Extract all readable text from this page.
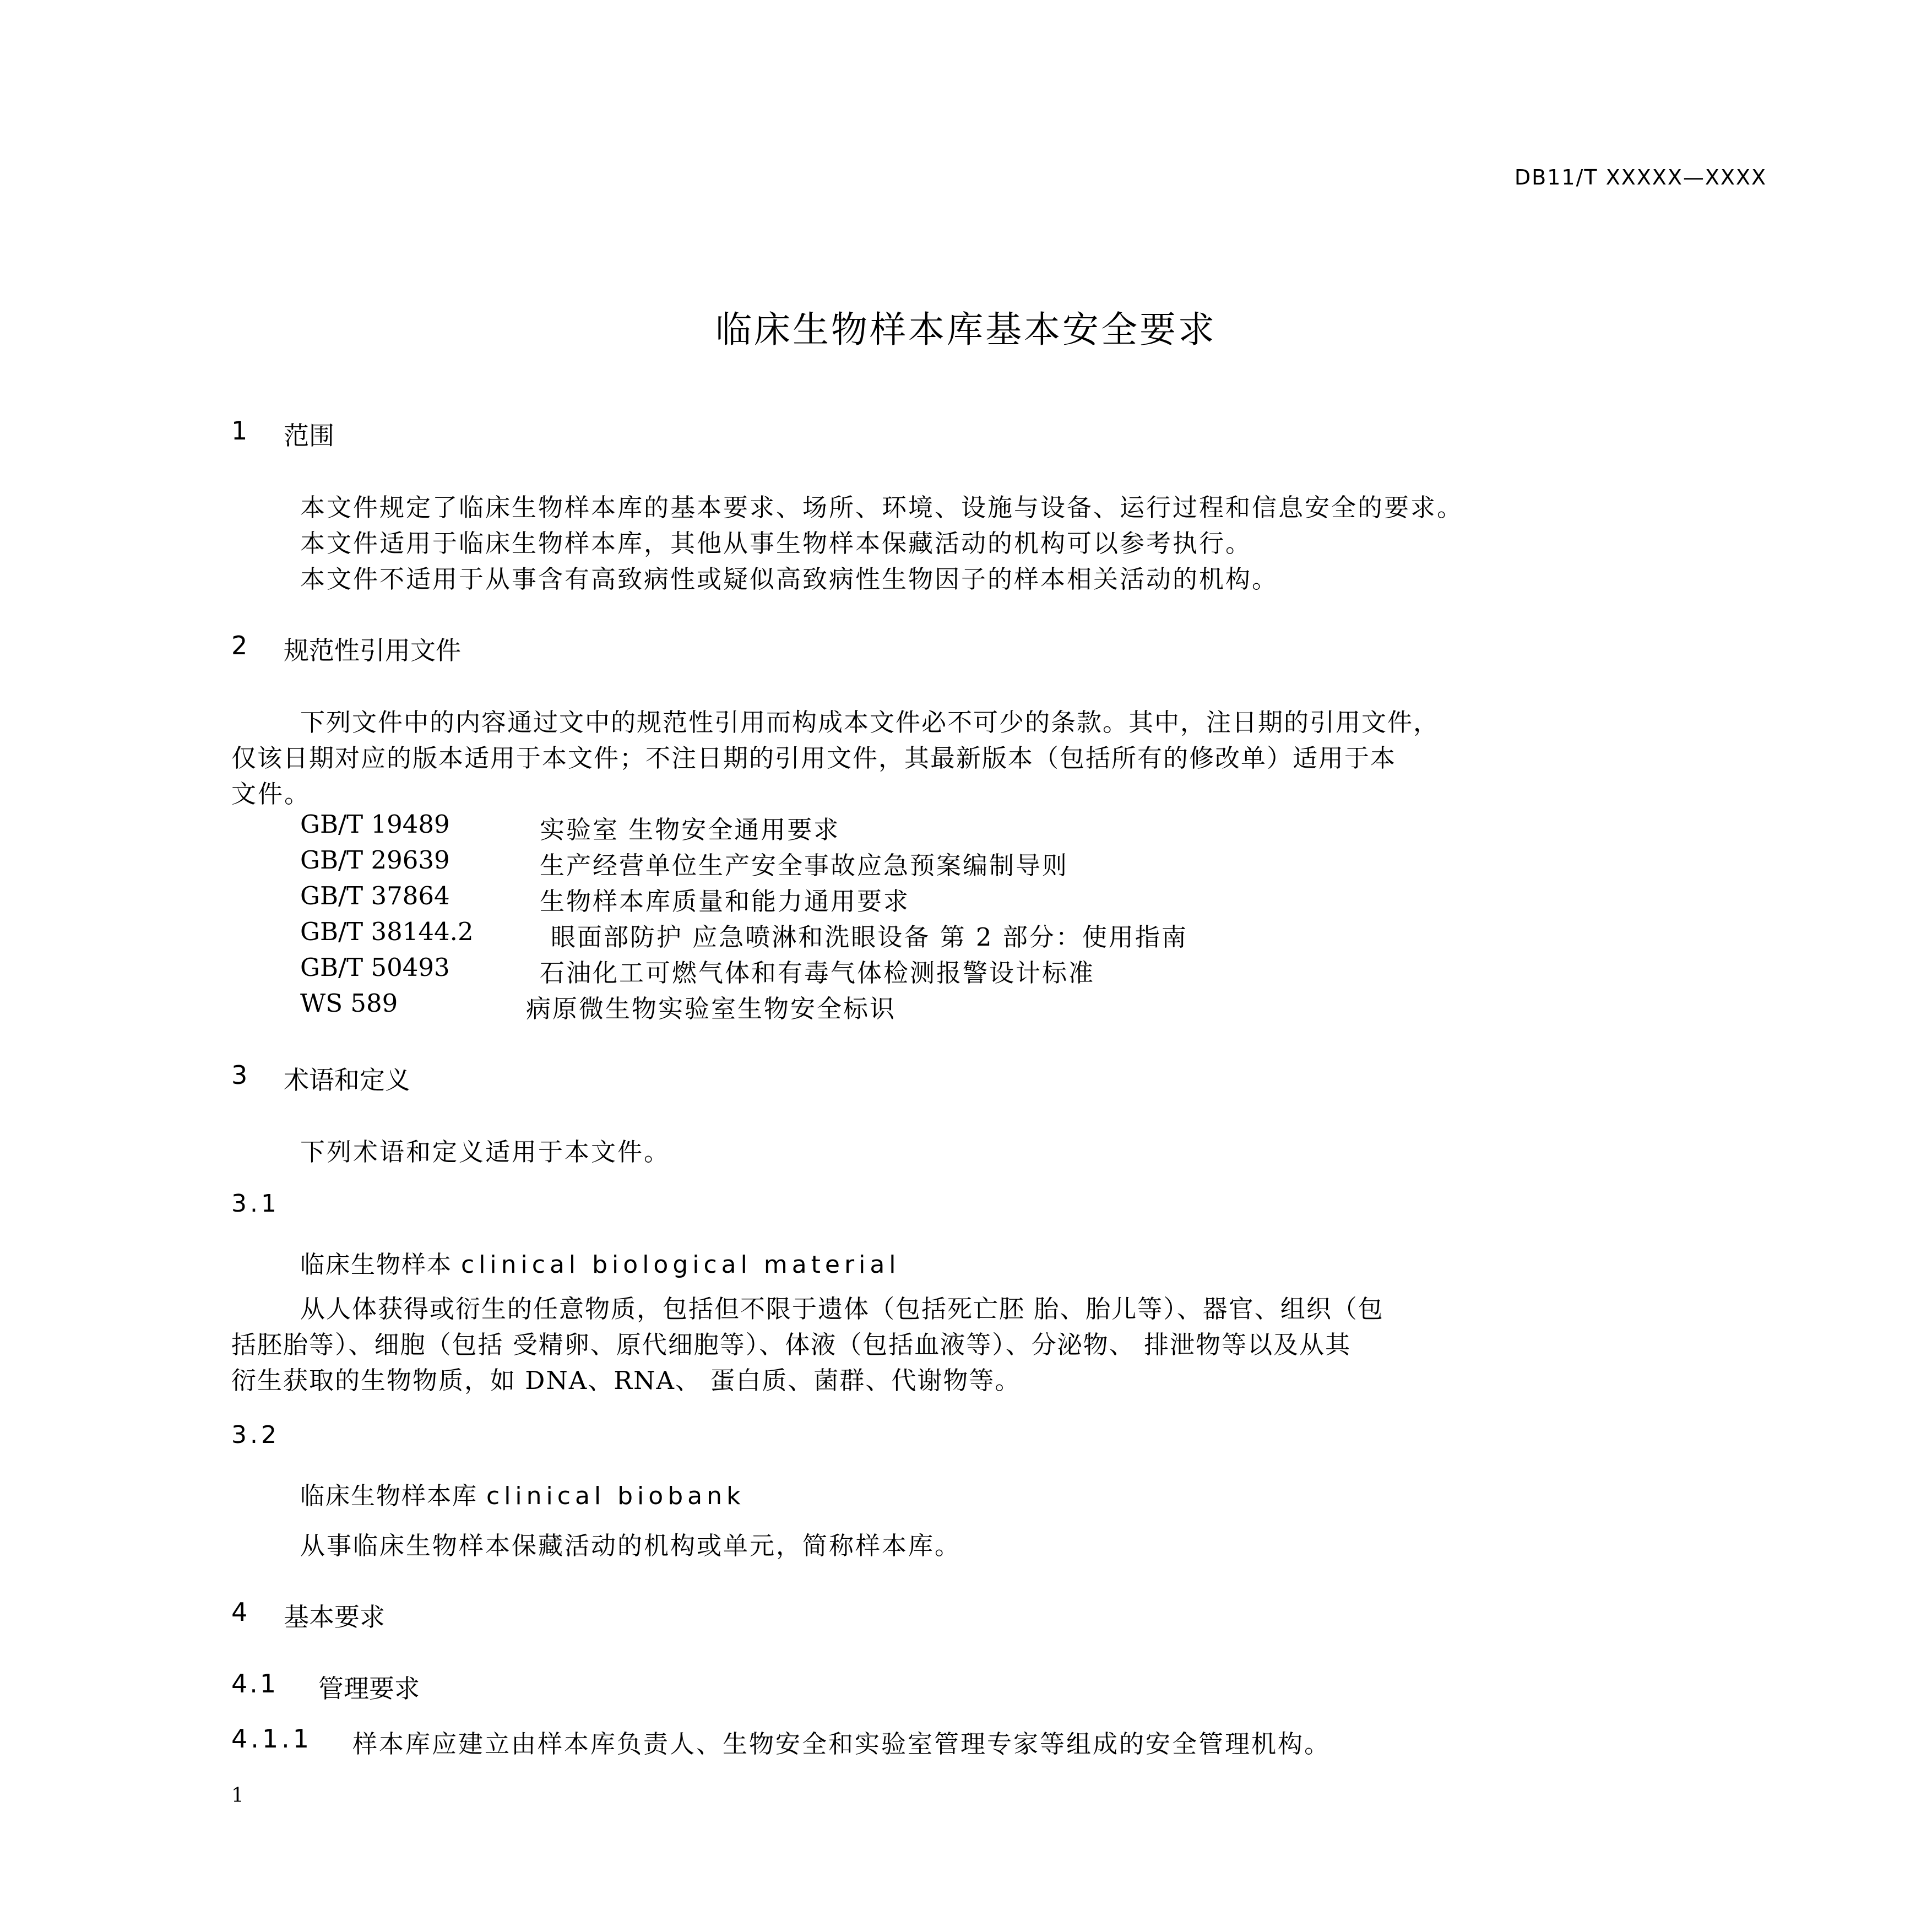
DB11/T XXXXX—XXXX
临床生物样本库基本安全要求
1 范围
本文件规定了临床生物样本库的基本要求、场所、环境、设施与设备、运行过程和信息安全的要求。
本文件适用于临床生物样本库，其他从事生物样本保藏活动的机构可以参考执行。
本文件不适用于从事含有高致病性或疑似高致病性生物因子的样本相关活动的机构。
2 规范性引用文件
下列文件中的内容通过文中的规范性引用而构成本文件必不可少的条款。其中，注日期的引用文件，
仅该日期对应的版本适用于本文件；不注日期的引用文件，其最新版本（包括所有的修改单）适用于本
文件。
GB/T 19489	实验室 生物安全通用要求
GB/T 29639	生产经营单位生产安全事故应急预案编制导则
GB/T 37864	生物样本库质量和能力通用要求
GB/T 38144.2	眼面部防护 应急喷淋和洗眼设备 第 2 部分：使用指南
GB/T 50493	石油化工可燃气体和有毒气体检测报警设计标准
WS 589	病原微生物实验室生物安全标识
3 术语和定义
下列术语和定义适用于本文件。
3.1
临床生物样本 clinical biological material
从人体获得或衍生的任意物质，包括但不限于遗体（包括死亡胚 胎、胎儿等）、器官、组织（包
括胚胎等）、细胞（包括 受精卵、原代细胞等）、体液（包括血液等）、分泌物、 排泄物等以及从其
衍生获取的生物物质，如 DNA、RNA、 蛋白质、菌群、代谢物等。
3.2
临床生物样本库 clinical biobank
从事临床生物样本保藏活动的机构或单元，简称样本库。
4 基本要求
4.1 管理要求
4.1.1 样本库应建立由样本库负责人、生物安全和实验室管理专家等组成的安全管理机构。
1
